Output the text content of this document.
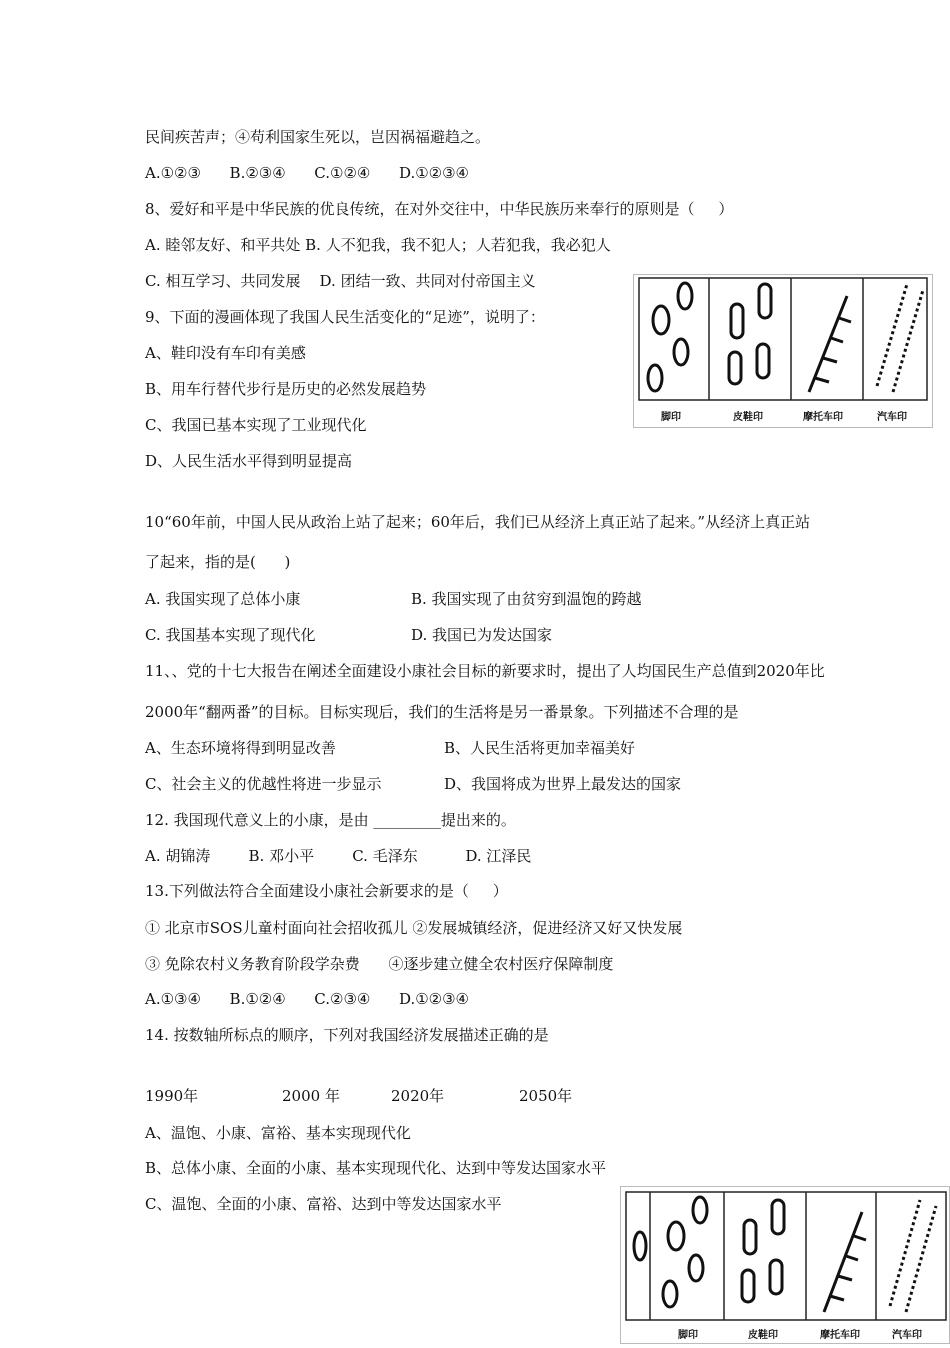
民间疾苦声；④苟利国家生死以，岂因祸福避趋之。
A.①②③      B.②③④      C.①②④      D.①②③④
8、爱好和平是中华民族的优良传统，在对外交往中，中华民族历来奉行的原则是（     ）
A. 睦邻友好、和平共处 B. 人不犯我，我不犯人；人若犯我，我必犯人
C. 相互学习、共同发展    D. 团结一致、共同对付帝国主义
9、下面的漫画体现了我国人民生活变化的“足迹”，说明了：
A、鞋印没有车印有美感
B、用车行替代步行是历史的必然发展趋势
C、我国已基本实现了工业现代化
D、人民生活水平得到明显提高
10“60年前，中国人民从政治上站了起来；60年后，我们已从经济上真正站了起来。”从经济上真正站
了起来，指的是(      )
A. 我国实现了总体小康	B. 我国实现了由贫穷到温饱的跨越
C. 我国基本实现了现代化	D. 我国已为发达国家
11、、党的十七大报告在阐述全面建设小康社会目标的新要求时，提出了人均国民生产总值到2020年比
2000年“翻两番”的目标。目标实现后，我们的生活将是另一番景象。下列描述不合理的是
A、生态环境将得到明显改善	B、人民生活将更加幸福美好
C、社会主义的优越性将进一步显示	D、我国将成为世界上最发达的国家
12. 我国现代意义上的小康，是由 _________提出来的。
A. 胡锦涛        B. 邓小平        C. 毛泽东          D. 江泽民
13.下列做法符合全面建设小康社会新要求的是（     ）
① 北京市SOS儿童村面向社会招收孤儿 ②发展城镇经济，促进经济又好又快发展
③ 免除农村义务教育阶段学杂费      ④逐步建立健全农村医疗保障制度
A.①③④      B.①②④      C.②③④      D.①②③④
14. 按数轴所标点的顺序，下列对我国经济发展描述正确的是
1990年	2000 年	2020年	2050年
A、温饱、小康、富裕、基本实现现代化
B、总体小康、全面的小康、基本实现现代化、达到中等发达国家水平
C、温饱、全面的小康、富裕、达到中等发达国家水平
脚印	皮鞋印	摩托车印	汽车印
脚印	皮鞋印	摩托车印	汽车印
